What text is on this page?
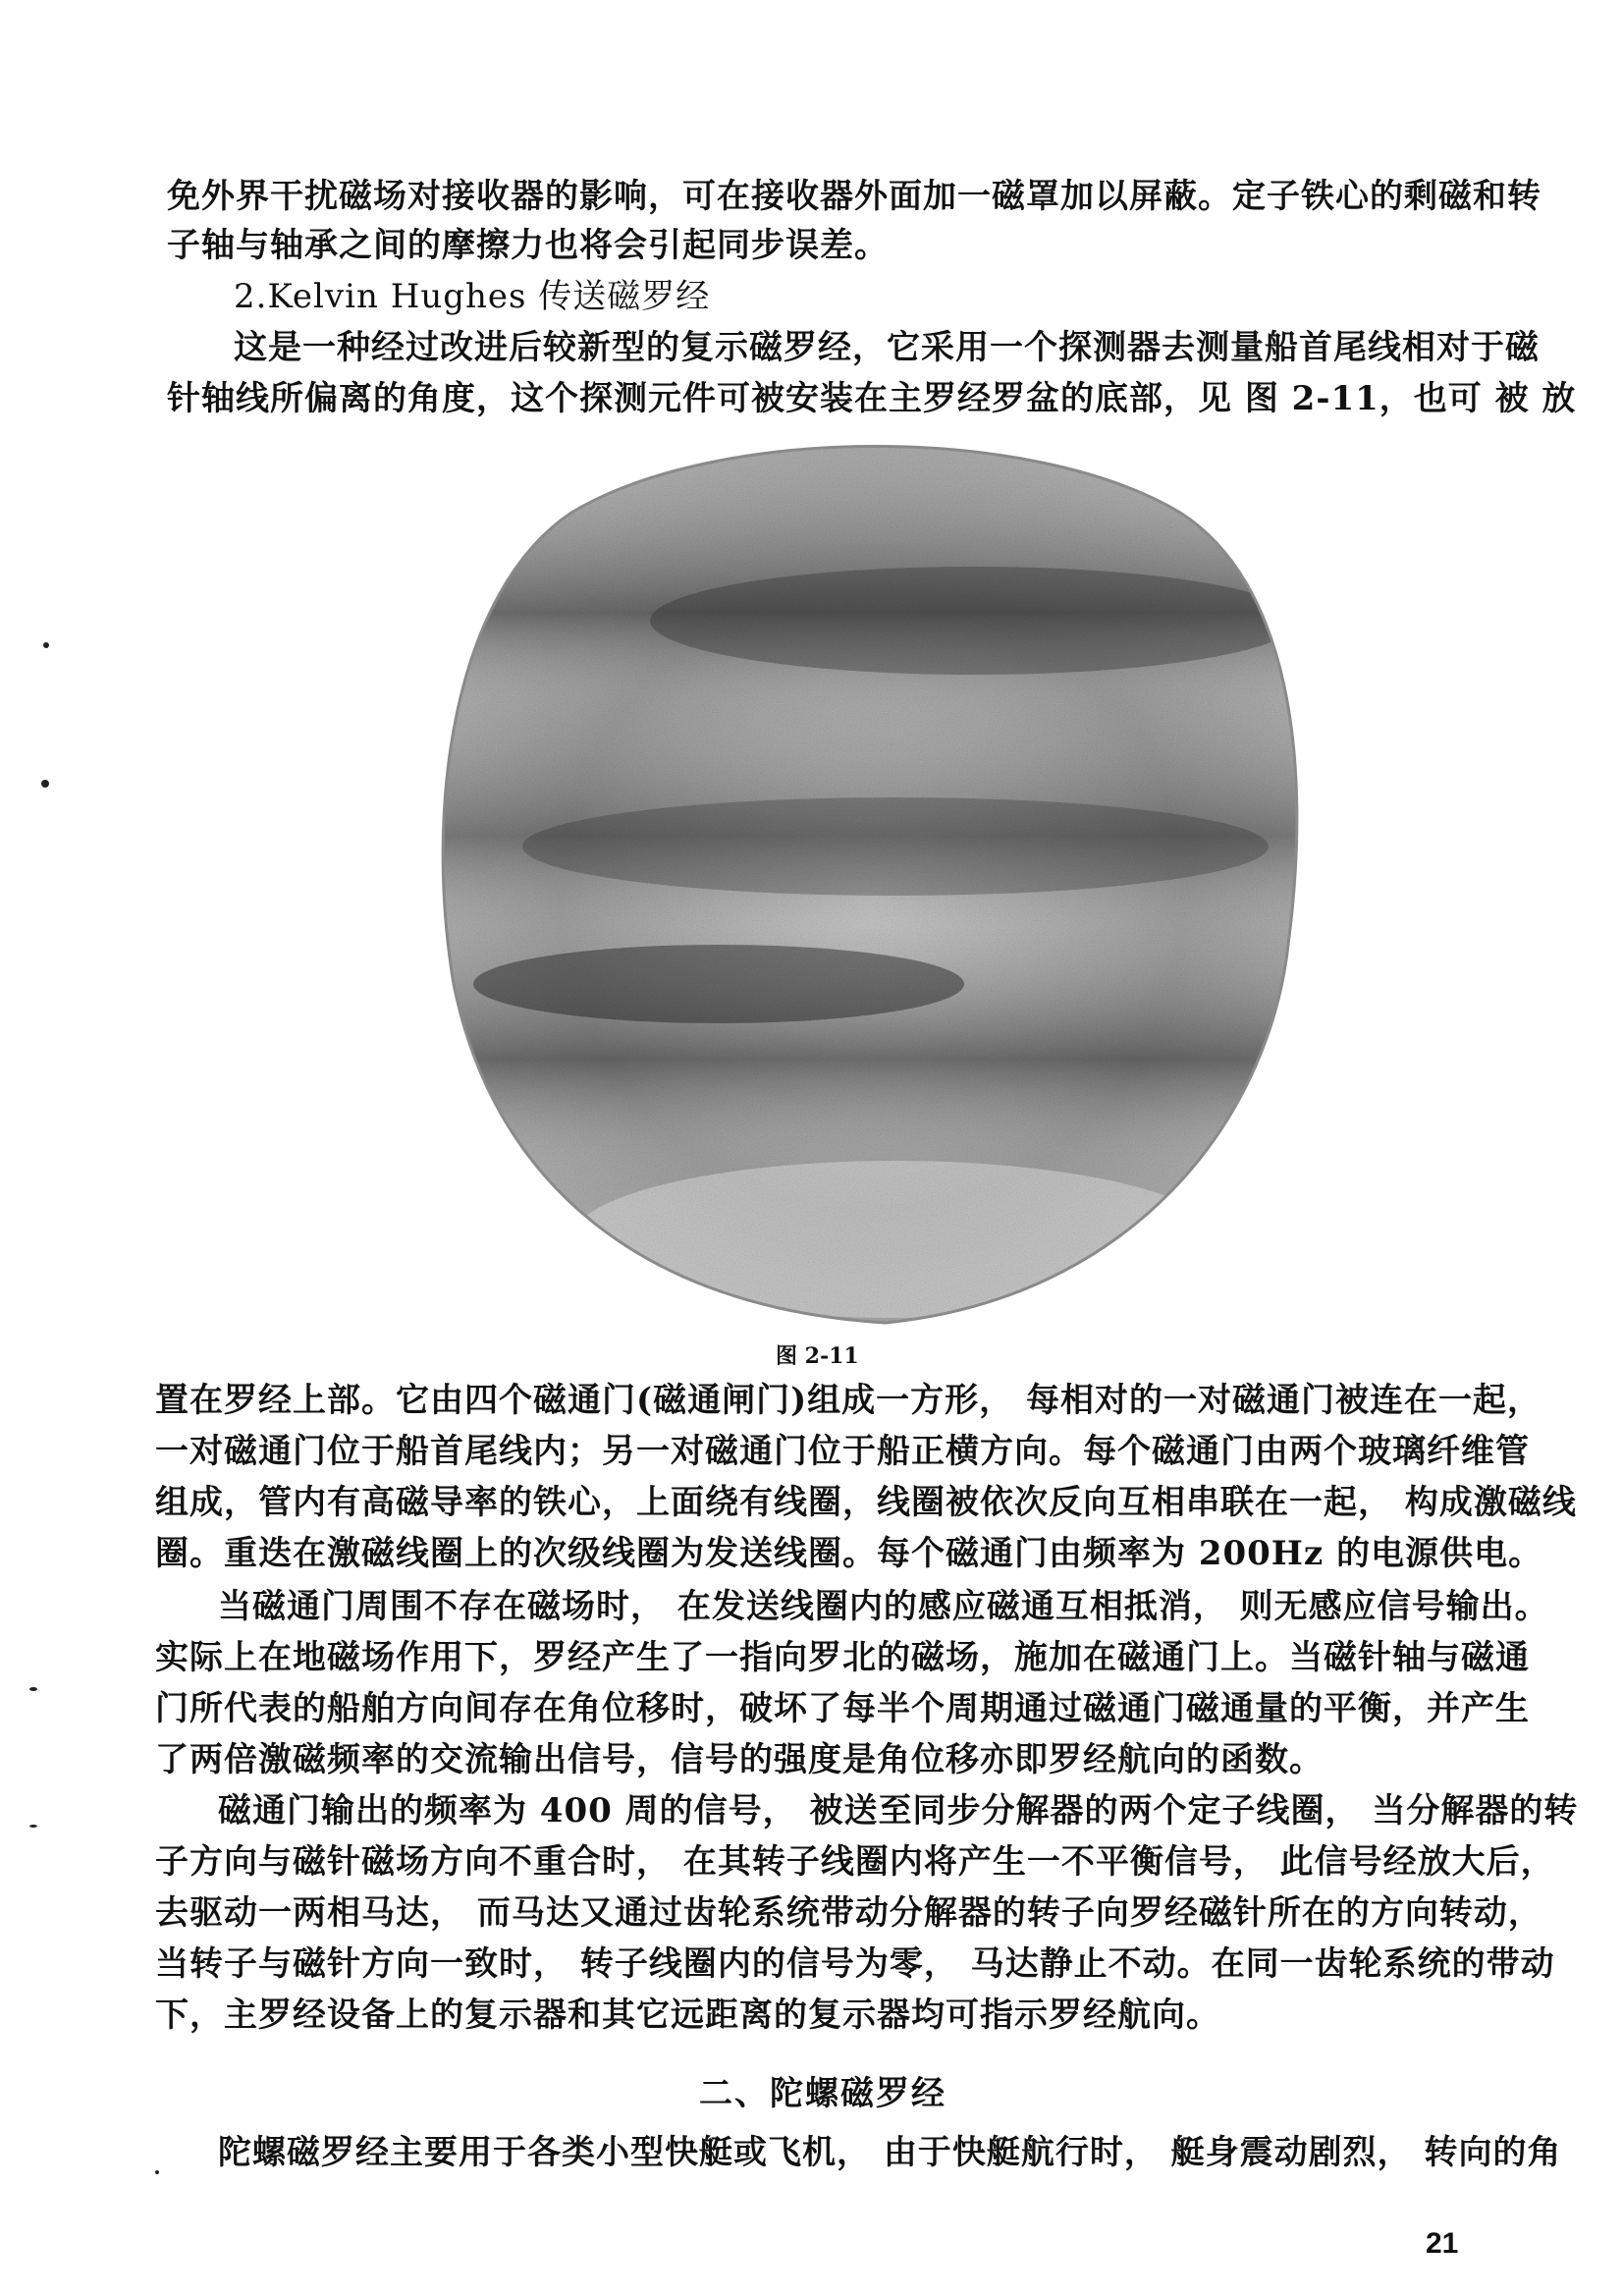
免外界干扰磁场对接收器的影响，可在接收器外面加一磁罩加以屏蔽。定子铁心的剩磁和转
子轴与轴承之间的摩擦力也将会引起同步误差。
2.Kelvin Hughes 传送磁罗经
这是一种经过改进后较新型的复示磁罗经，它采用一个探测器去测量船首尾线相对于磁
针轴线所偏离的角度，这个探测元件可被安装在主罗经罗盆的底部，见 图 2-11，也可 被 放
图 2-11
置在罗经上部。它由四个磁通门(磁通闸门)组成一方形， 每相对的一对磁通门被连在一起，
一对磁通门位于船首尾线内；另一对磁通门位于船正横方向。每个磁通门由两个玻璃纤维管
组成，管内有高磁导率的铁心，上面绕有线圈，线圈被依次反向互相串联在一起， 构成激磁线
圈。重迭在激磁线圈上的次级线圈为发送线圈。每个磁通门由频率为 200Hz 的电源供电。
当磁通门周围不存在磁场时， 在发送线圈内的感应磁通互相抵消， 则无感应信号输出。
实际上在地磁场作用下，罗经产生了一指向罗北的磁场，施加在磁通门上。当磁针轴与磁通
门所代表的船舶方向间存在角位移时，破坏了每半个周期通过磁通门磁通量的平衡，并产生
了两倍激磁频率的交流输出信号，信号的强度是角位移亦即罗经航向的函数。
磁通门输出的频率为 400 周的信号， 被送至同步分解器的两个定子线圈， 当分解器的转
子方向与磁针磁场方向不重合时， 在其转子线圈内将产生一不平衡信号， 此信号经放大后，
去驱动一两相马达， 而马达又通过齿轮系统带动分解器的转子向罗经磁针所在的方向转动，
当转子与磁针方向一致时， 转子线圈内的信号为零， 马达静止不动。在同一齿轮系统的带动
下，主罗经设备上的复示器和其它远距离的复示器均可指示罗经航向。
二、陀螺磁罗经
陀螺磁罗经主要用于各类小型快艇或飞机， 由于快艇航行时， 艇身震动剧烈， 转向的角
21
